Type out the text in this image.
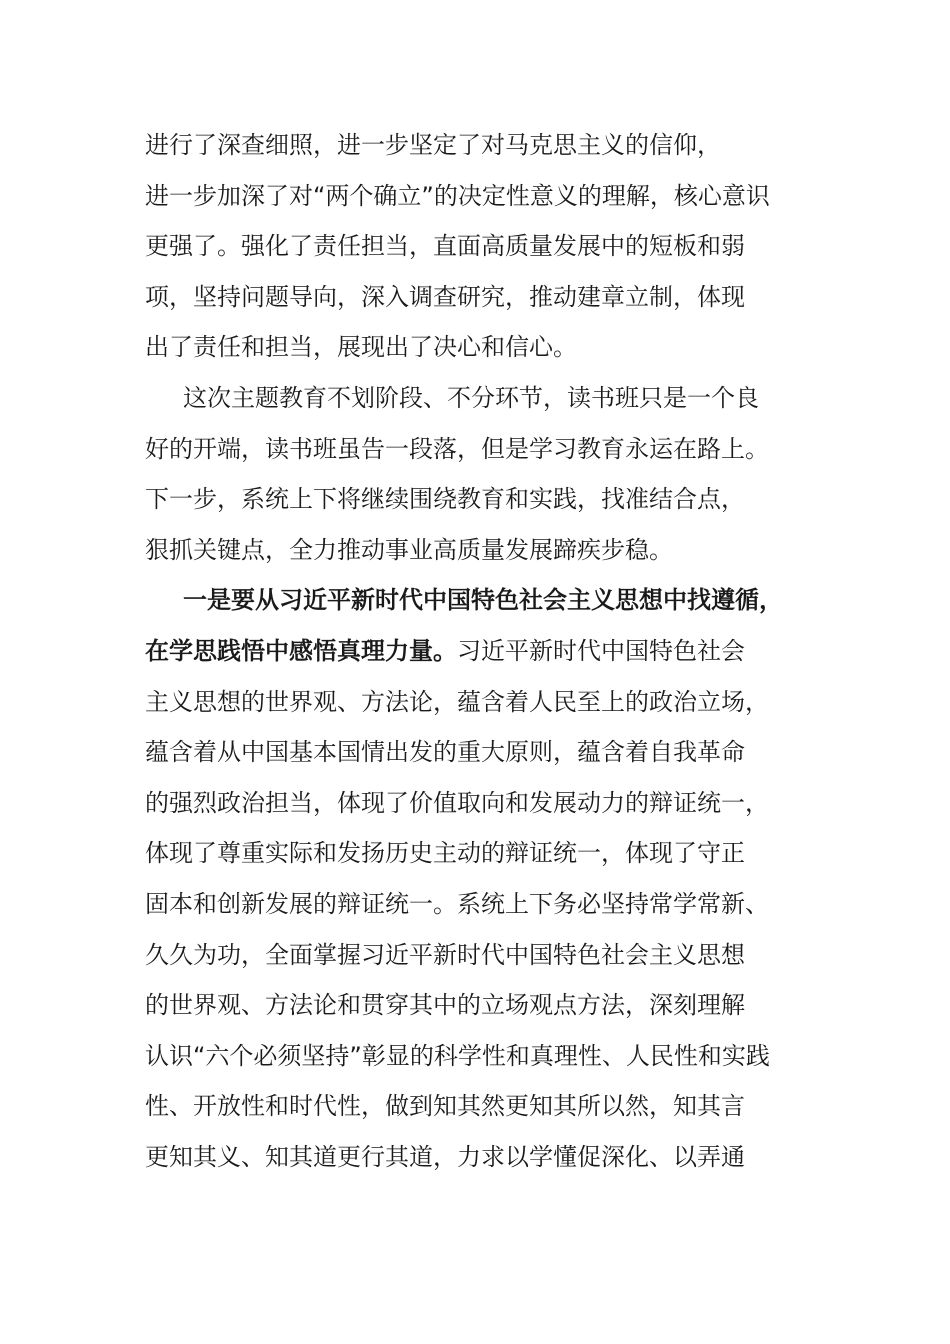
进行了深查细照，进一步坚定了对马克思主义的信仰，
进一步加深了对“两个确立”的决定性意义的理解，核心意识
更强了。强化了责任担当，直面高质量发展中的短板和弱
项，坚持问题导向，深入调查研究，推动建章立制，体现
出了责任和担当，展现出了决心和信心。
这次主题教育不划阶段、不分环节，读书班只是一个良
好的开端，读书班虽告一段落，但是学习教育永运在路上。
下一步，系统上下将继续围绕教育和实践，找准结合点，
狠抓关键点，全力推动事业高质量发展蹄疾步稳。
一是要从习近平新时代中国特色社会主义思想中找遵循，
在学思践悟中感悟真理力量。习近平新时代中国特色社会
主义思想的世界观、方法论，蕴含着人民至上的政治立场，
蕴含着从中国基本国情出发的重大原则，蕴含着自我革命
的强烈政治担当，体现了价值取向和发展动力的辩证统一，
体现了尊重实际和发扬历史主动的辩证统一，体现了守正
固本和创新发展的辩证统一。系统上下务必坚持常学常新、
久久为功，全面掌握习近平新时代中国特色社会主义思想
的世界观、方法论和贯穿其中的立场观点方法，深刻理解
认识“六个必须坚持”彰显的科学性和真理性、人民性和实践
性、开放性和时代性，做到知其然更知其所以然，知其言
更知其义、知其道更行其道，力求以学懂促深化、以弄通
